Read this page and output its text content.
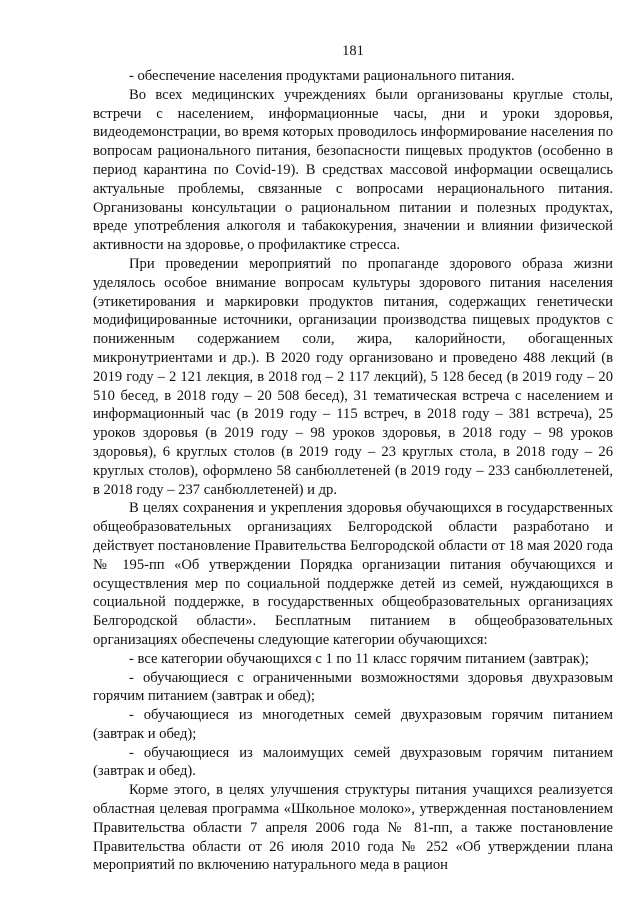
181

- обеспечение населения продуктами рационального питания.

Во всех медицинских учреждениях были организованы круглые столы, встречи с населением, информационные часы, дни и уроки здоровья, видеодемонстрации, во время которых проводилось информирование населения по вопросам рационального питания, безопасности пищевых продуктов (особенно в период карантина по Covid-19). В средствах массовой информации освещались актуальные проблемы, связанные с вопросами нерационального питания. Организованы консультации о рациональном питании и полезных продуктах, вреде употребления алкоголя и табакокурения, значении и влиянии физической активности на здоровье, о профилактике стресса.

При проведении мероприятий по пропаганде здорового образа жизни уделялось особое внимание вопросам культуры здорового питания населения (этикетирования и маркировки продуктов питания, содержащих генетически модифицированные источники, организации производства пищевых продуктов с пониженным содержанием соли, жира, калорийности, обогащенных микронутриентами и др.). В 2020 году организовано и проведено 488 лекций (в 2019 году – 2 121 лекция, в 2018 год – 2 117 лекций), 5 128 бесед (в 2019 году – 20 510 бесед, в 2018 году – 20 508 бесед), 31 тематическая встреча с населением и информационный час (в 2019 году – 115 встреч, в 2018 году – 381 встреча), 25 уроков здоровья (в 2019 году – 98 уроков здоровья, в 2018 году – 98 уроков здоровья), 6 круглых столов (в 2019 году – 23 круглых стола, в 2018 году – 26 круглых столов), оформлено 58 санбюллетеней (в 2019 году – 233 санбюллетеней, в 2018 году – 237 санбюллетеней) и др.

В целях сохранения и укрепления здоровья обучающихся в государственных общеобразовательных организациях Белгородской области разработано и действует постановление Правительства Белгородской области от 18 мая 2020 года № 195-пп «Об утверждении Порядка организации питания обучающихся и осуществления мер по социальной поддержке детей из семей, нуждающихся в социальной поддержке, в государственных общеобразовательных организациях Белгородской области». Бесплатным питанием в общеобразовательных организациях обеспечены следующие категории обучающихся:

- все категории обучающихся с 1 по 11 класс горячим питанием (завтрак);

- обучающиеся с ограниченными возможностями здоровья двухразовым горячим питанием (завтрак и обед);

- обучающиеся из многодетных семей двухразовым горячим питанием (завтрак и обед);

- обучающиеся из малоимущих семей двухразовым горячим питанием (завтрак и обед).

Корме этого, в целях улучшения структуры питания учащихся реализуется областная целевая программа «Школьное молоко», утвержденная постановлением Правительства области 7 апреля 2006 года № 81-пп, а также постановление Правительства области от 26 июля 2010 года № 252 «Об утверждении плана мероприятий по включению натурального меда в рацион
